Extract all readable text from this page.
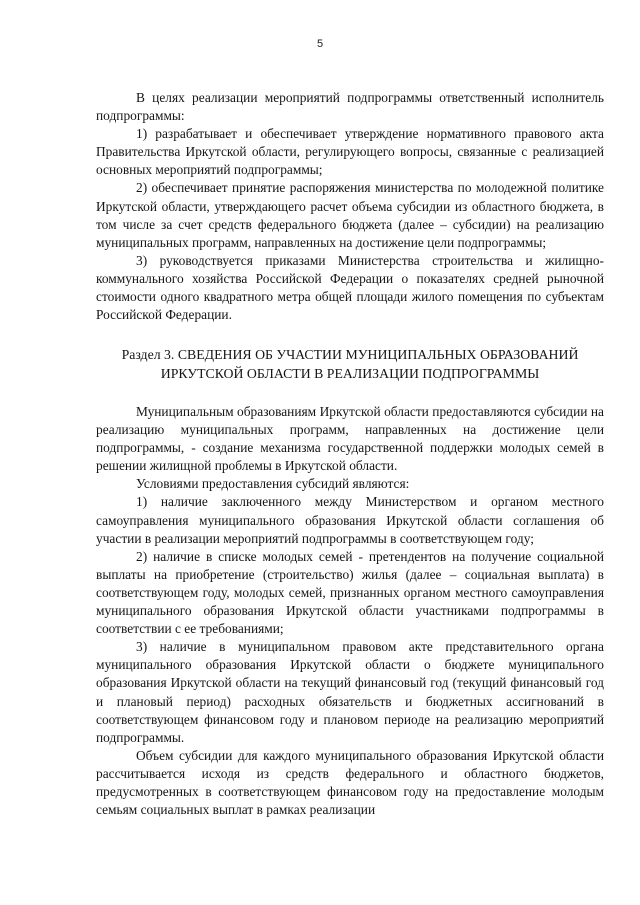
5

В целях реализации мероприятий подпрограммы ответственный исполнитель подпрограммы:

1) разрабатывает и обеспечивает утверждение нормативного правового акта Правительства Иркутской области, регулирующего вопросы, связанные с реализацией основных мероприятий подпрограммы;

2) обеспечивает принятие распоряжения министерства по молодежной политике Иркутской области, утверждающего расчет объема субсидии из областного бюджета, в том числе за счет средств федерального бюджета (далее – субсидии) на реализацию муниципальных программ, направленных на достижение цели подпрограммы;

3) руководствуется приказами Министерства строительства и жилищно-коммунального хозяйства Российской Федерации о показателях средней рыночной стоимости одного квадратного метра общей площади жилого помещения по субъектам Российской Федерации.

Раздел 3. СВЕДЕНИЯ ОБ УЧАСТИИ МУНИЦИПАЛЬНЫХ ОБРАЗОВАНИЙ
ИРКУТСКОЙ ОБЛАСТИ В РЕАЛИЗАЦИИ ПОДПРОГРАММЫ

Муниципальным образованиям Иркутской области предоставляются субсидии на реализацию муниципальных программ, направленных на достижение цели подпрограммы, - создание механизма государственной поддержки молодых семей в решении жилищной проблемы в Иркутской области.

Условиями предоставления субсидий являются:

1) наличие заключенного между Министерством и органом местного самоуправления муниципального образования Иркутской области соглашения об участии в реализации мероприятий подпрограммы в соответствующем году;

2) наличие в списке молодых семей - претендентов на получение социальной выплаты на приобретение (строительство) жилья (далее – социальная выплата) в соответствующем году, молодых семей, признанных органом местного самоуправления муниципального образования Иркутской области участниками подпрограммы в соответствии с ее требованиями;

3) наличие в муниципальном правовом акте представительного органа муниципального образования Иркутской области о бюджете муниципального образования Иркутской области на текущий финансовый год (текущий финансовый год и плановый период) расходных обязательств и бюджетных ассигнований в соответствующем финансовом году и плановом периоде на реализацию мероприятий подпрограммы.

Объем субсидии для каждого муниципального образования Иркутской области рассчитывается исходя из средств федерального и областного бюджетов, предусмотренных в соответствующем финансовом году на предоставление молодым семьям социальных выплат в рамках реализации
